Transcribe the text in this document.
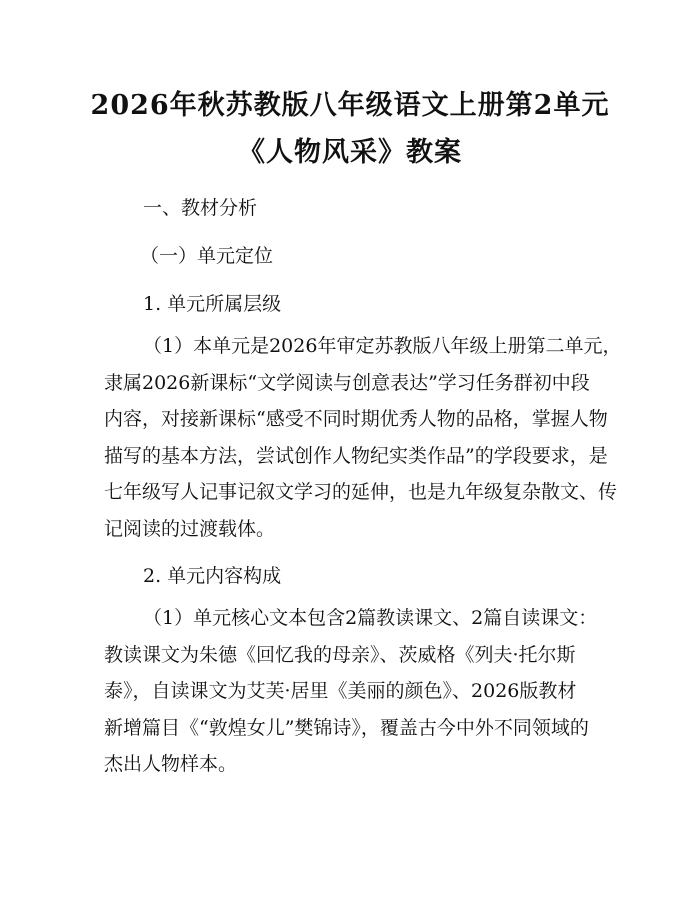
2026年秋苏教版八年级语文上册第2单元
《人物风采》教案
一、教材分析
（一）单元定位
1. 单元所属层级
（1）本单元是2026年审定苏教版八年级上册第二单元，
隶属2026新课标“文学阅读与创意表达”学习任务群初中段
内容，对接新课标“感受不同时期优秀人物的品格，掌握人物
描写的基本方法，尝试创作人物纪实类作品”的学段要求，是
七年级写人记事记叙文学习的延伸，也是九年级复杂散文、传
记阅读的过渡载体。
2. 单元内容构成
（1）单元核心文本包含2篇教读课文、2篇自读课文：
教读课文为朱德《回忆我的母亲》、茨威格《列夫·托尔斯
泰》，自读课文为艾芙·居里《美丽的颜色》、2026版教材
新增篇目《“敦煌女儿”樊锦诗》，覆盖古今中外不同领域的
杰出人物样本。
